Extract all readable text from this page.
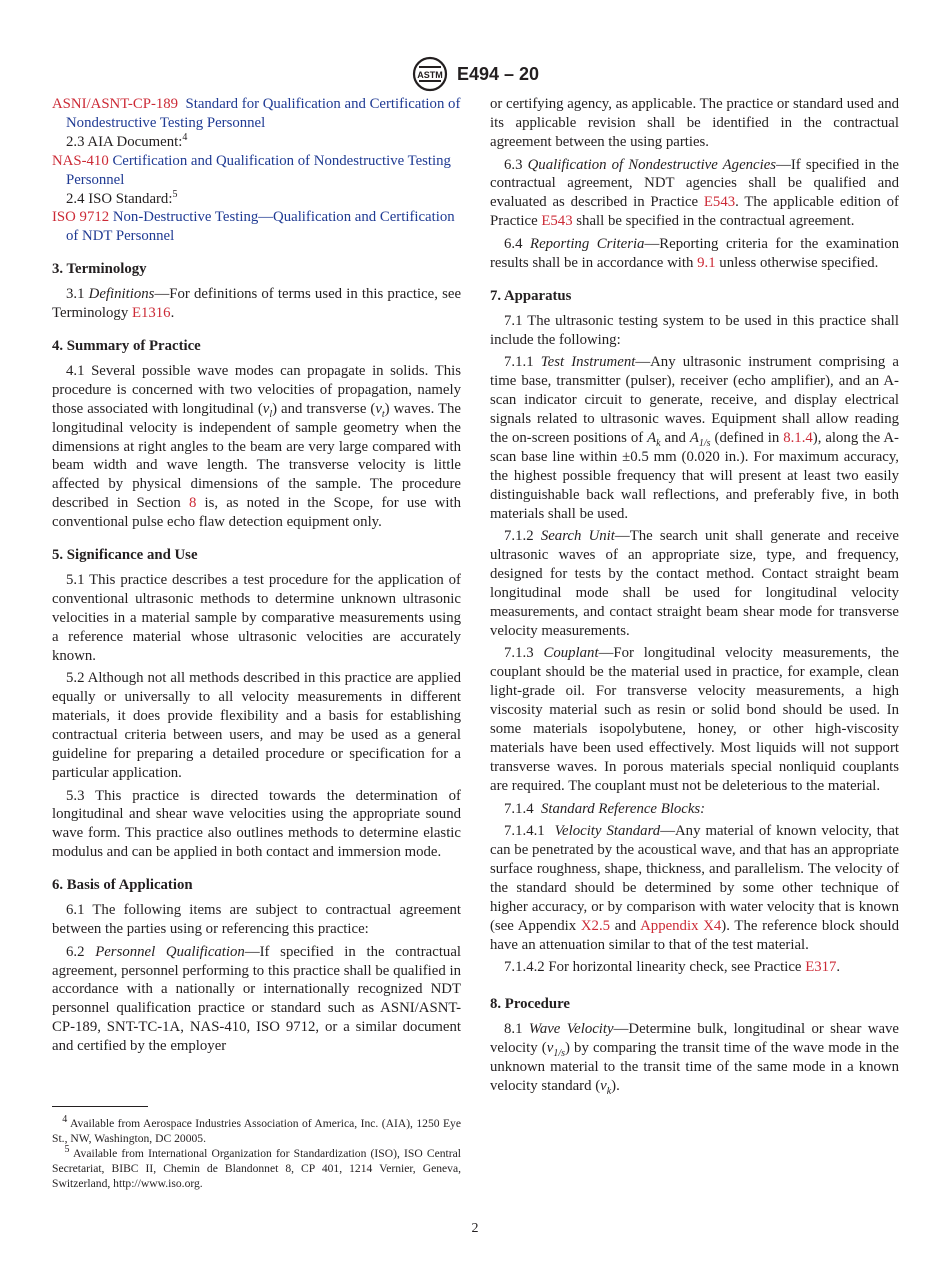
ASTM E494 – 20

ASNI/ASNT-CP-189 Standard for Qualification and Certification of Nondestructive Testing Personnel

2.3 AIA Document:$^4$

NAS-410 Certification and Qualification of Nondestructive Testing Personnel

2.4 ISO Standard:$^5$

ISO 9712 Non-Destructive Testing—Qualification and Certification of NDT Personnel

3. Terminology

3.1 Definitions—For definitions of terms used in this practice, see Terminology E1316.

4. Summary of Practice

4.1 Several possible wave modes can propagate in solids. This procedure is concerned with two velocities of propagation, namely those associated with longitudinal $(v_l)$ and transverse $(v_t)$ waves. The longitudinal velocity is independent of sample geometry when the dimensions at right angles to the beam are very large compared with beam width and wave length. The transverse velocity is little affected by physical dimensions of the sample. The procedure described in Section 8 is, as noted in the Scope, for use with conventional pulse echo flaw detection equipment only.

5. Significance and Use

5.1 This practice describes a test procedure for the application of conventional ultrasonic methods to determine unknown ultrasonic velocities in a material sample by comparative measurements using a reference material whose ultrasonic velocities are accurately known.

5.2 Although not all methods described in this practice are applied equally or universally to all velocity measurements in different materials, it does provide flexibility and a basis for establishing contractual criteria between users, and may be used as a general guideline for preparing a detailed procedure or specification for a particular application.

5.3 This practice is directed towards the determination of longitudinal and shear wave velocities using the appropriate sound wave form. This practice also outlines methods to determine elastic modulus and can be applied in both contact and immersion mode.

6. Basis of Application

6.1 The following items are subject to contractual agreement between the parties using or referencing this practice:

6.2 Personnel Qualification—If specified in the contractual agreement, personnel performing to this practice shall be qualified in accordance with a nationally or internationally recognized NDT personnel qualification practice or standard such as ASNI/ASNT-CP-189, SNT-TC-1A, NAS-410, ISO 9712, or a similar document and certified by the employer

or certifying agency, as applicable. The practice or standard used and its applicable revision shall be identified in the contractual agreement between the using parties.

6.3 Qualification of Nondestructive Agencies—If specified in the contractual agreement, NDT agencies shall be qualified and evaluated as described in Practice E543. The applicable edition of Practice E543 shall be specified in the contractual agreement.

6.4 Reporting Criteria—Reporting criteria for the examination results shall be in accordance with 9.1 unless otherwise specified.

7. Apparatus

7.1 The ultrasonic testing system to be used in this practice shall include the following:

7.1.1 Test Instrument—Any ultrasonic instrument comprising a time base, transmitter (pulser), receiver (echo amplifier), and an A-scan indicator circuit to generate, receive, and display electrical signals related to ultrasonic waves. Equipment shall allow reading the on-screen positions of $A_k$ and $A_{1/s}$ (defined in 8.1.4), along the A-scan base line within ±0.5 mm (0.020 in.). For maximum accuracy, the highest possible frequency that will present at least two easily distinguishable back wall reflections, and preferably five, in both materials shall be used.

7.1.2 Search Unit—The search unit shall generate and receive ultrasonic waves of an appropriate size, type, and frequency, designed for tests by the contact method. Contact straight beam longitudinal mode shall be used for longitudinal velocity measurements, and contact straight beam shear mode for transverse velocity measurements.

7.1.3 Couplant—For longitudinal velocity measurements, the couplant should be the material used in practice, for example, clean light-grade oil. For transverse velocity measurements, a high viscosity material such as resin or solid bond should be used. In some materials isopolybutene, honey, or other high-viscosity materials have been used effectively. Most liquids will not support transverse waves. In porous materials special nonliquid couplants are required. The couplant must not be deleterious to the material.

7.1.4 Standard Reference Blocks:

7.1.4.1 Velocity Standard—Any material of known velocity, that can be penetrated by the acoustical wave, and that has an appropriate surface roughness, shape, thickness, and parallelism. The velocity of the standard should be determined by some other technique of higher accuracy, or by comparison with water velocity that is known (see Appendix X2.5 and Appendix X4). The reference block should have an attenuation similar to that of the test material.

7.1.4.2 For horizontal linearity check, see Practice E317.

8. Procedure

8.1 Wave Velocity—Determine bulk, longitudinal or shear wave velocity $(v_{1/s})$ by comparing the transit time of the wave mode in the unknown material to the transit time of the same mode in a known velocity standard $(v_k)$.

$^4$ Available from Aerospace Industries Association of America, Inc. (AIA), 1250 Eye St., NW, Washington, DC 20005.

$^5$ Available from International Organization for Standardization (ISO), ISO Central Secretariat, BIBC II, Chemin de Blandonnet 8, CP 401, 1214 Vernier, Geneva, Switzerland, http://www.iso.org.

2
